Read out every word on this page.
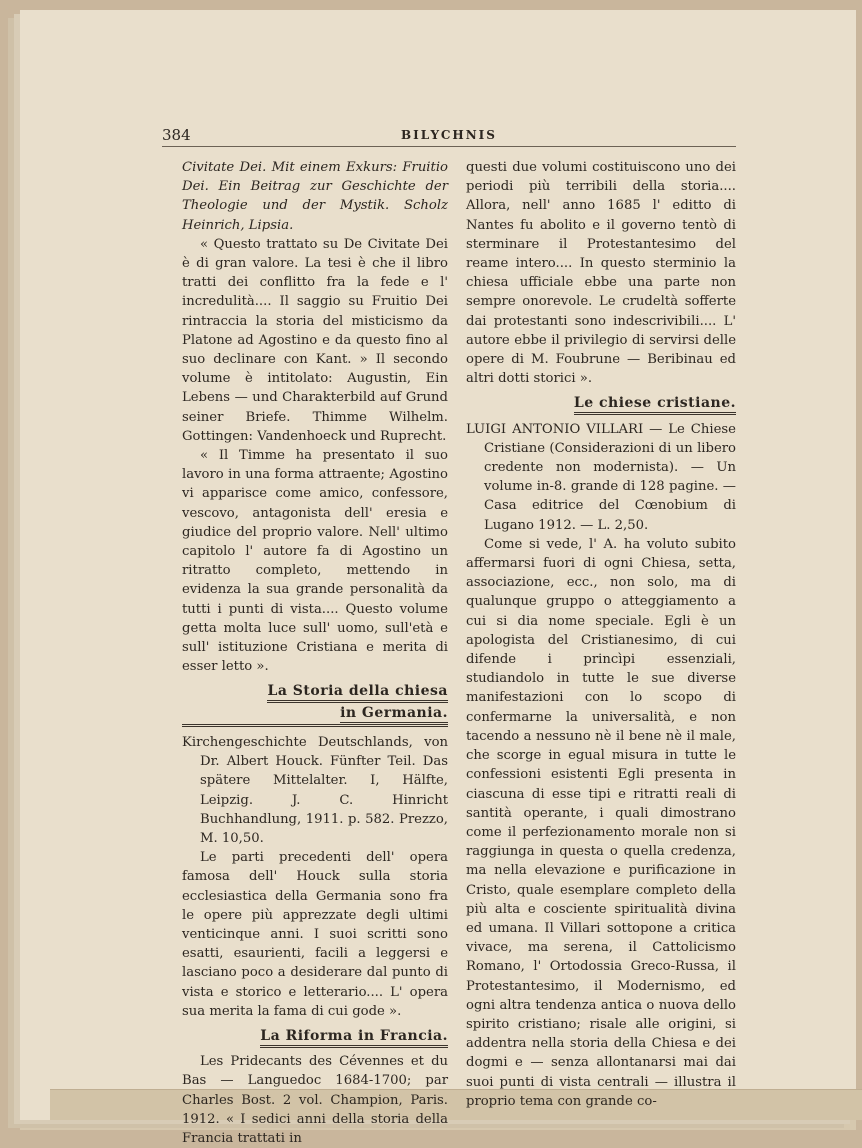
384	BILYCHNIS

Civitate Dei. Mit einem Exkurs: Fruitio Dei. Ein Beitrag zur Geschichte der Theologie und der Mystik. Scholz Heinrich, Lipsia.

« Questo trattato su De Civitate Dei è di gran valore. La tesi è che il libro tratti dei conflitto fra la fede e l' incredulità.... Il saggio su Fruitio Dei rintraccia la storia del misticismo da Platone ad Agostino e da questo fino al suo declinare con Kant. » Il secondo volume è intitolato: Augustin, Ein Lebens — und Charakterbild auf Grund seiner Briefe. Thimme Wilhelm. Gottingen: Vandenhoeck und Ruprecht.

« Il Timme ha presentato il suo lavoro in una forma attraente; Agostino vi apparisce come amico, confessore, vescovo, antagonista dell' eresia e giudice del proprio valore. Nell' ultimo capitolo l' autore fa di Agostino un ritratto completo, mettendo in evidenza la sua grande personalità da tutti i punti di vista.... Questo volume getta molta luce sull' uomo, sull'età e sull' istituzione Cristiana e merita di esser letto ».

La Storia della chiesa
in Germania.

Kirchengeschichte Deutschlands, von Dr. Albert Houck. Fünfter Teil. Das spätere Mittelalter. I, Hälfte, Leipzig. J. C. Hinricht Buchhandlung, 1911. p. 582. Prezzo, M. 10,50.

Le parti precedenti dell' opera famosa dell' Houck sulla storia ecclesiastica della Germania sono fra le opere più apprezzate degli ultimi venticinque anni. I suoi scritti sono esatti, esaurienti, facili a leggersi e lasciano poco a desiderare dal punto di vista e storico e letterario.... L' opera sua merita la fama di cui gode ».

La Riforma in Francia.

Les Pridecants des Cévennes et du Bas — Languedoc 1684-1700; par Charles Bost. 2 vol. Champion, Paris. 1912. « I sedici anni della storia della Francia trattati in

questi due volumi costituiscono uno dei periodi più terribili della storia.... Allora, nell' anno 1685 l' editto di Nantes fu abolito e il governo tentò di sterminare il Protestantesimo del reame intero.... In questo sterminio la chiesa ufficiale ebbe una parte non sempre onorevole. Le crudeltà sofferte dai protestanti sono indescrivibili.... L' autore ebbe il privilegio di servirsi delle opere di M. Foubrune — Beribinau ed altri dotti storici ».

Le chiese cristiane.

LUIGI ANTONIO VILLARI — Le Chiese Cristiane (Considerazioni di un libero credente non modernista). — Un volume in-8. grande di 128 pagine. — Casa editrice del Cœnobium di Lugano 1912. — L. 2,50.

Come si vede, l' A. ha voluto subito affermarsi fuori di ogni Chiesa, setta, associazione, ecc., non solo, ma di qualunque gruppo o atteggiamento a cui si dia nome speciale. Egli è un apologista del Cristianesimo, di cui difende i princìpi essenziali, studiandolo in tutte le sue diverse manifestazioni con lo scopo di confermarne la universalità, e non tacendo a nessuno nè il bene nè il male, che scorge in egual misura in tutte le confessioni esistenti Egli presenta in ciascuna di esse tipi e ritratti reali di santità operante, i quali dimostrano come il perfezionamento morale non si raggiunga in questa o quella credenza, ma nella elevazione e purificazione in Cristo, quale esemplare completo della più alta e cosciente spiritualità divina ed umana. Il Villari sottopone a critica vivace, ma serena, il Cattolicismo Romano, l' Ortodossia Greco-Russa, il Protestantesimo, il Modernismo, ed ogni altra tendenza antica o nuova dello spirito cristiano; risale alle origini, si addentra nella storia della Chiesa e dei dogmi e — senza allontanarsi mai dai suoi punti di vista centrali — illustra il proprio tema con grande co-
